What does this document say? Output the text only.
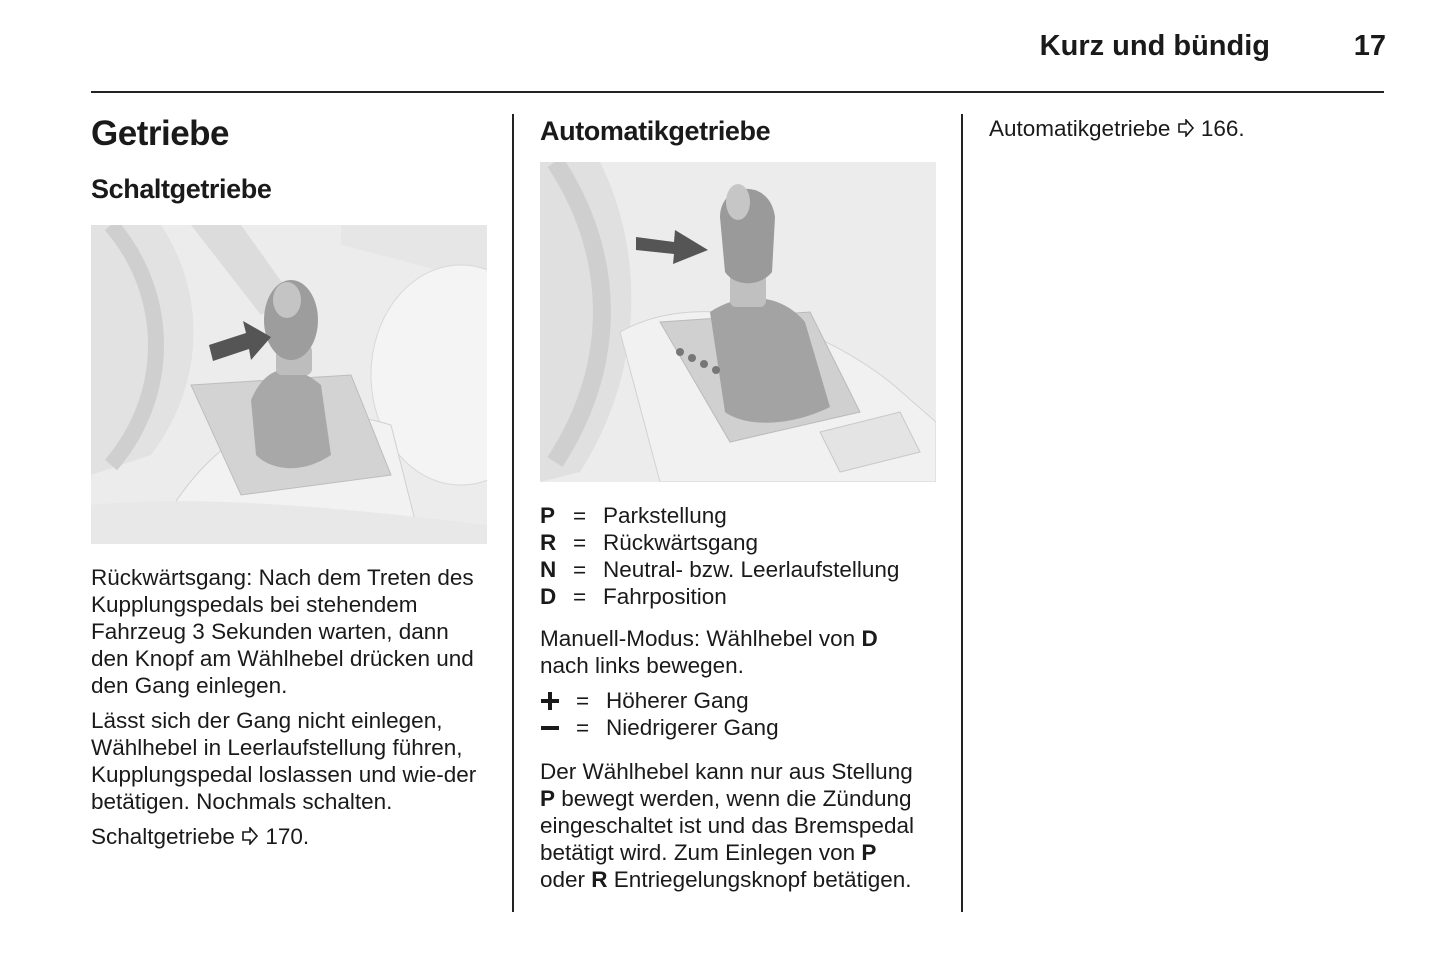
Kurz und bündig	17
Getriebe
Schaltgetriebe

Rückwärtsgang: Nach dem Treten des Kupplungspedals bei stehendem Fahrzeug 3 Sekunden warten, dann den Knopf am Wählhebel drücken und den Gang einlegen.

Lässt sich der Gang nicht einlegen, Wählhebel in Leerlaufstellung führen, Kupplungspedal loslassen und wie-der betätigen. Nochmals schalten.

Schaltgetriebe 170.

Automatikgetriebe
P = Parkstellung
R = Rückwärtsgang
N = Neutral- bzw. Leerlaufstellung
D = Fahrposition

Manuell-Modus: Wählhebel von D
nach links bewegen.

= Höherer Gang
= Niedrigerer Gang

Der Wählhebel kann nur aus Stellung
P bewegt werden, wenn die Zündung
eingeschaltet ist und das Bremspedal
betätigt wird. Zum Einlegen von P
oder R Entriegelungsknopf betätigen.

Automatikgetriebe 166.
